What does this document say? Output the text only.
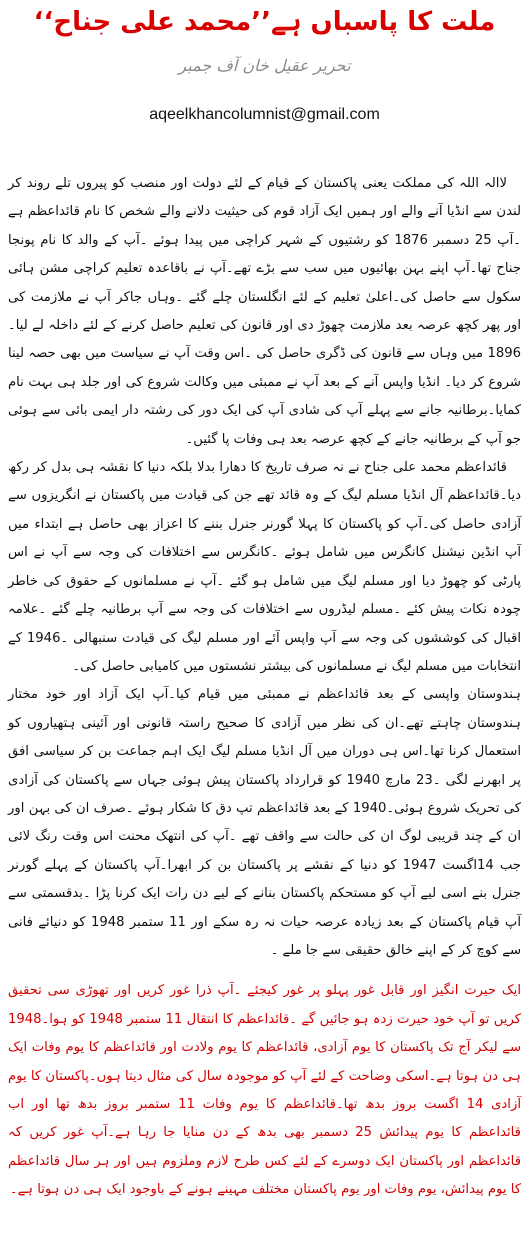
ملت کا پاسباں ہے’’محمد علی جناح‘‘
تحریر عقیل خان آف جمبر
aqeelkhancolumnist@gmail.com

لاالہ اللہ کی مملکت یعنی پاکستان کے قیام کے لئے دولت اور منصب کو پیروں تلے روند کر لندن سے انڈیا آنے والے اور ہمیں ایک آزاد قوم کی حیثیت دلانے والے شخص کا نام قائداعظم ہے ۔آپ 25 دسمبر 1876 کو رشتیوں کے شہر کراچی میں پیدا ہوئے ۔آپ کے والد کا نام پونجا جناح تھا۔آپ اپنے بہن بھائیوں میں سب سے بڑے تھے۔آپ نے باقاعدہ تعلیم کراچی مشن ہائی سکول سے حاصل کی۔اعلیٰ تعلیم کے لئے انگلستان چلے گئے ۔وہاں جاکر آپ نے ملازمت کی اور پھر کچھ عرصہ بعد ملازمت چھوڑ دی اور قانون کی تعلیم حاصل کرنے کے لئے داخلہ لے لیا۔1896 میں وہاں سے قانون کی ڈگری حاصل کی ۔اس وقت آپ نے سیاست میں بھی حصہ لینا شروع کر دیا۔ انڈیا واپس آنے کے بعد آپ نے ممبئی میں وکالت شروع کی اور جلد ہی بہت نام کمایا۔برطانیہ جانے سے پہلے آپ کی شادی آپ کی ایک دور کی رشتہ دار ایمی بائی سے ہوئی جو آپ کے برطانیہ جانے کے کچھ عرصہ بعد ہی وفات پا گئیں۔

قائداعظم محمد علی جناح نے نہ صرف تاریخ کا دھارا بدلا بلکہ دنیا کا نقشہ ہی بدل کر رکھ دیا۔قائداعظم آل انڈیا مسلم لیگ کے وہ قائد تھے جن کی قیادت میں پاکستان نے انگریزوں سے آزادی حاصل کی۔آپ کو پاکستان کا پہلا گورنر جنرل بننے کا اعزاز بھی حاصل ہے ابتداء میں آپ انڈین نیشنل کانگرس میں شامل ہوئے ۔کانگرس سے اختلافات کی وجہ سے آپ نے اس پارٹی کو چھوڑ دیا اور مسلم لیگ میں شامل ہو گئے ۔آپ نے مسلمانوں کے حقوق کی خاطر چودہ نکات پیش کئے ۔مسلم لیڈروں سے اختلافات کی وجہ سے آپ برطانیہ چلے گئے ۔علامہ اقبال کی کوششوں کی وجہ سے آپ واپس آئے اور مسلم لیگ کی قیادت سنبھالی ۔1946 کے انتخابات میں مسلم لیگ نے مسلمانوں کی بیشتر نشستوں میں کامیابی حاصل کی۔

ہندوستان واپسی کے بعد قائداعظم نے ممبئی میں قیام کیا۔آپ ایک آزاد اور خود مختار ہندوستان چاہتے تھے۔ان کی نظر میں آزادی کا صحیح راستہ قانونی اور آئینی ہتھیاروں کو استعمال کرنا تھا۔اس ہی دوران میں آل انڈیا مسلم لیگ ایک اہم جماعت بن کر سیاسی افق پر ابھرنے لگی ۔23 مارچ 1940 کو قرارداد پاکستان پیش ہوئی جہاں سے پاکستان کی آزادی کی تحریک شروع ہوئی۔1940 کے بعد قائداعظم تپ دق کا شکار ہوئے ۔صرف ان کی بہن اور ان کے چند قریبی لوگ ان کی حالت سے واقف تھے ۔آپ کی انتھک محنت اس وقت رنگ لائی جب 14اگست 1947 کو دنیا کے نقشے پر پاکستان بن کر ابھرا۔آپ پاکستان کے پہلے گورنر جنرل بنے اسی لیے آپ کو مستحکم پاکستان بنانے کے لیے دن رات ایک کرنا پڑا ۔بدقسمتی سے آپ قیام پاکستان کے بعد زیادہ عرصہ حیات نہ رہ سکے اور 11 ستمبر 1948 کو دنیائے فانی سے کوچ کر کے اپنے خالق حقیقی سے جا ملے ۔

ایک حیرت انگیز اور قابل غور پہلو پر غور کیجئے ۔آپ ذرا غور کریں اور تھوڑی سی تحقیق کریں تو آپ خود حیرت زدہ ہو جائیں گے ۔قائداعظم کا انتقال 11 ستمبر 1948 کو ہوا۔1948 سے لیکر آج تک پاکستان کا یوم آزادی، قائداعظم کا یوم ولادت اور قائداعظم کا یوم وفات ایک ہی دن ہوتا ہے۔اسکی وضاحت کے لئے آپ کو موجودہ سال کی مثال دیتا ہوں۔پاکستان کا یوم آزادی 14 اگست بروز بدھ تھا۔قائداعظم کا یوم وفات 11 ستمبر بروز بدھ تھا اور اب قائداعظم کا یوم پیدائش 25 دسمبر بھی بدھ کے دن منایا جا رہا ہے۔آپ غور کریں کہ قائداعظم اور پاکستان ایک دوسرے کے لئے کس طرح لازم وملزوم ہیں اور ہر سال قائداعظم کا یوم پیدائش، یوم وفات اور یوم پاکستان مختلف مہینے ہونے کے باوجود ایک ہی دن ہوتا ہے۔
